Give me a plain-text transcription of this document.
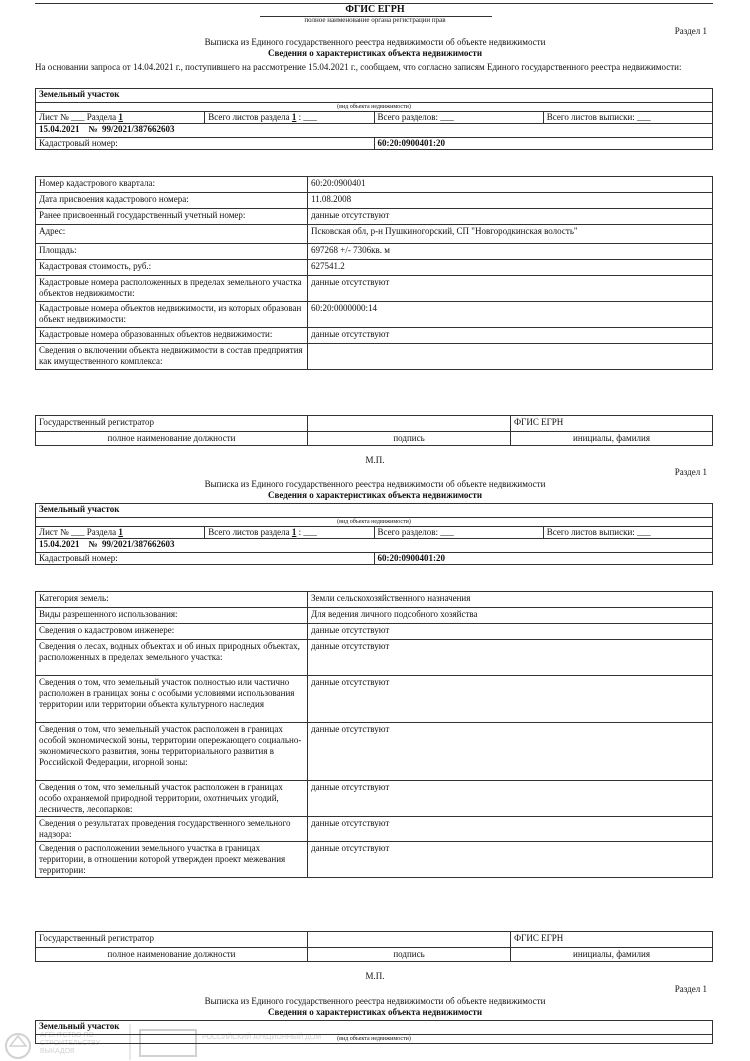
ФГИС ЕГРН
полное наименование органа регистрации прав
Раздел 1
Выписка из Единого государственного реестра недвижимости об объекте недвижимости
Сведения о характеристиках объекта недвижимости
На основании запроса от 14.04.2021 г., поступившего на рассмотрение 15.04.2021 г., сообщаем, что согласно записям Единого государственного реестра недвижимости:
Земельный участок			
(вид объекта недвижимости)			
Лист № ___ Раздела 1	Всего листов раздела 1 : ___	Всего разделов: ___	Всего листов выписки: ___
15.04.2021 № 99/2021/387662603			
Кадастровый номер:		60:20:0900401:20	
Номер кадастрового квартала:	60:20:0900401
Дата присвоения кадастрового номера:	11.08.2008
Ранее присвоенный государственный учетный номер:	данные отсутствуют
Адрес:	Псковская обл, р-н Пушкиногорский, СП "Новгородкинская волость"
Площадь:	697268 +/- 7306кв. м
Кадастровая стоимость, руб.:	627541.2
Кадастровые номера расположенных в пределах земельного участка объектов недвижимости:	данные отсутствуют
Кадастровые номера объектов недвижимости, из которых образован объект недвижимости:	60:20:0000000:14
Кадастровые номера образованных объектов недвижимости:	данные отсутствуют
Сведения о включении объекта недвижимости в состав предприятия как имущественного комплекса:	
Государственный регистратор		ФГИС ЕГРН
полное наименование должности	подпись	инициалы, фамилия
М.П.
Раздел 1
Выписка из Единого государственного реестра недвижимости об объекте недвижимости
Сведения о характеристиках объекта недвижимости
Земельный участок			
(вид объекта недвижимости)			
Лист № ___ Раздела 1	Всего листов раздела 1 : ___	Всего разделов: ___	Всего листов выписки: ___
15.04.2021 № 99/2021/387662603			
Кадастровый номер:		60:20:0900401:20	
Категория земель:	Земли сельскохозяйственного назначения
Виды разрешенного использования:	Для ведения личного подсобного хозяйства
Сведения о кадастровом инженере:	данные отсутствуют
Сведения о лесах, водных объектах и об иных природных объектах, расположенных в пределах земельного участка:	данные отсутствуют
Сведения о том, что земельный участок полностью или частично расположен в границах зоны с особыми условиями использования территории или территории объекта культурного наследия	данные отсутствуют
Сведения о том, что земельный участок расположен в границах особой экономической зоны, территории опережающего социально-экономического развития, зоны территориального развития в Российской Федерации, игорной зоны:	данные отсутствуют
Сведения о том, что земельный участок расположен в границах особо охраняемой природной территории, охотничьих угодий, лесничеств, лесопарков:	данные отсутствуют
Сведения о результатах проведения государственного земельного надзора:	данные отсутствуют
Сведения о расположении земельного участка в границах территории, в отношении которой утвержден проект межевания территории:	данные отсутствуют
Государственный регистратор		ФГИС ЕГРН
полное наименование должности	подпись	инициалы, фамилия
М.П.
Раздел 1
Выписка из Единого государственного реестра недвижимости об объекте недвижимости
Сведения о характеристиках объекта недвижимости
Земельный участок
(вид объекта недвижимости)
АГЕНТСТВО ПО СТРОИТЕЛЬСТВУ ВЫКАДОВ
РОССИЙСКИЙ АУКЦИОННЫЙ ДОМ
